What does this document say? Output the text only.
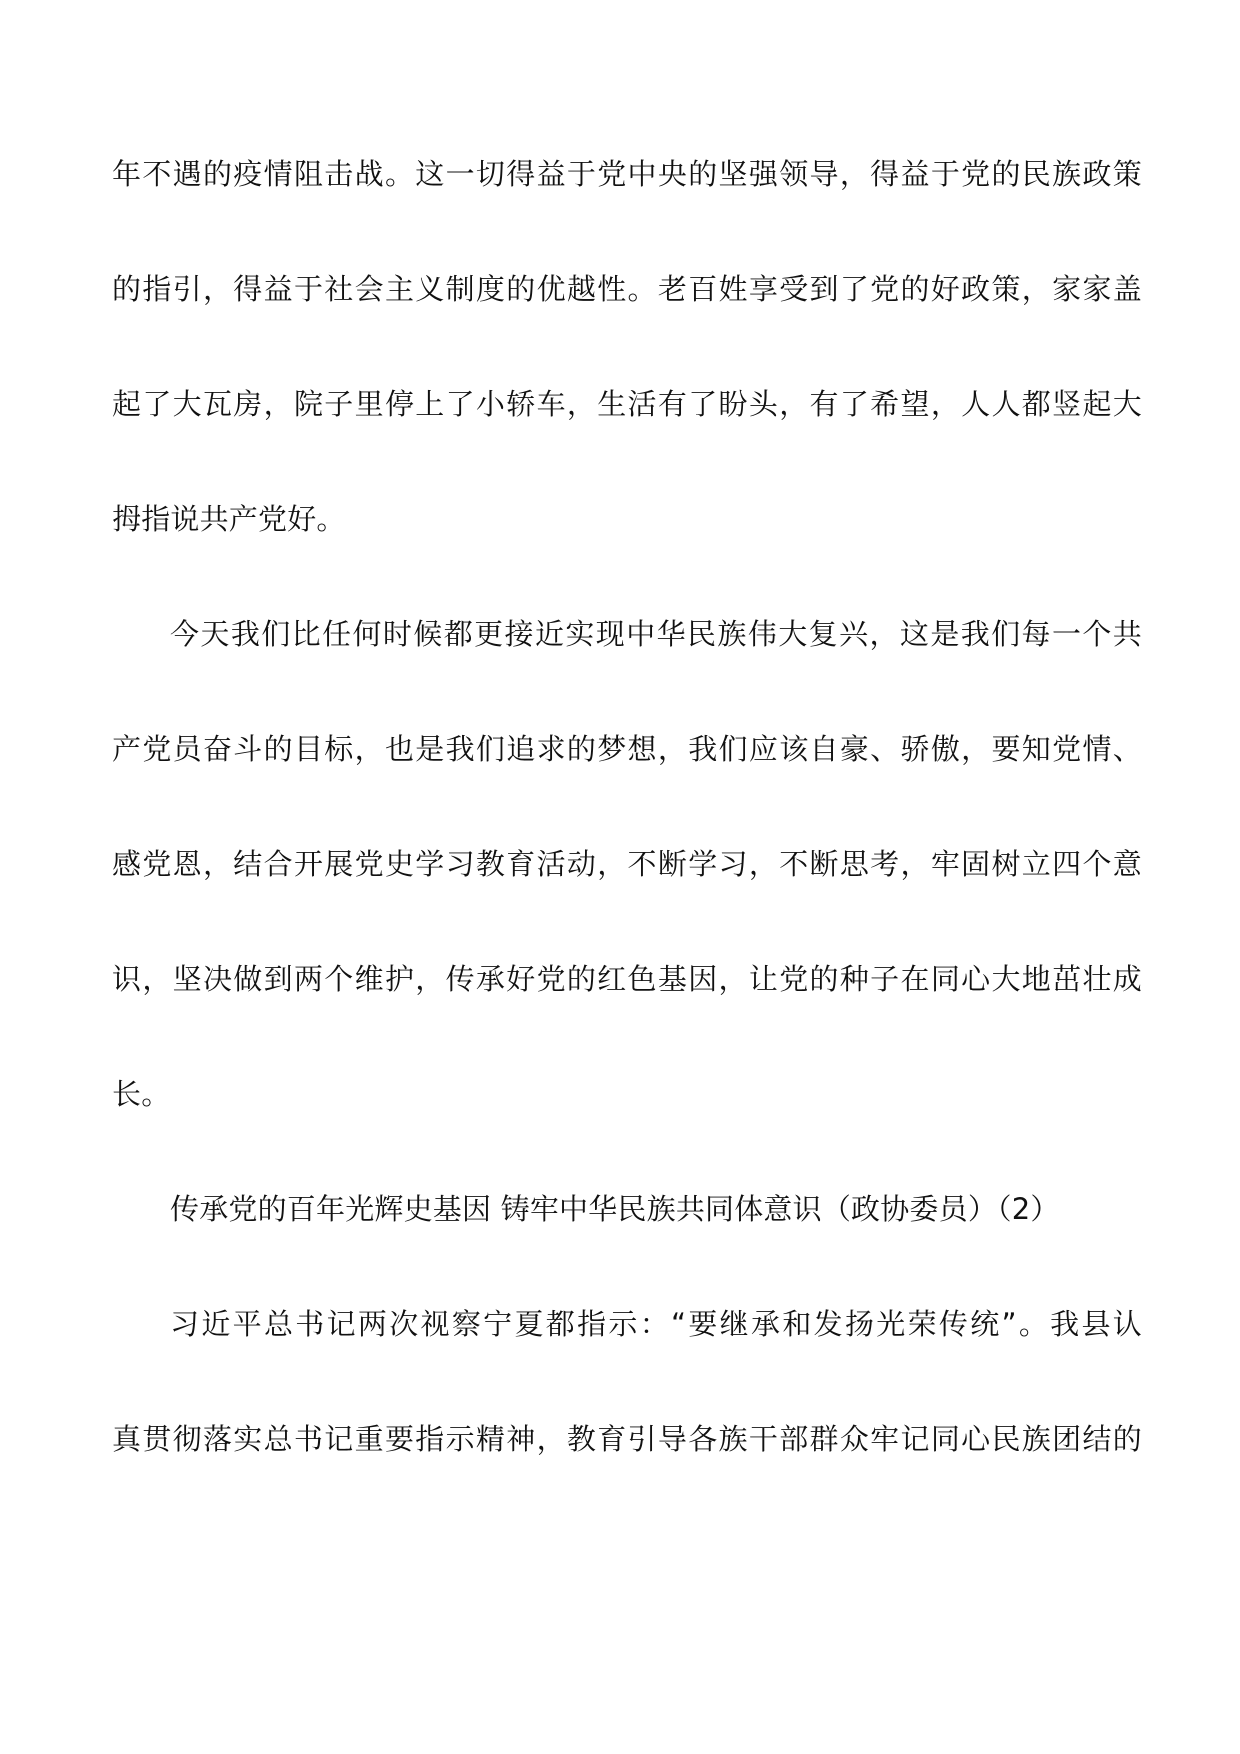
年不遇的疫情阻击战。这一切得益于党中央的坚强领导，得益于党的民族政策
的指引，得益于社会主义制度的优越性。老百姓享受到了党的好政策，家家盖
起了大瓦房，院子里停上了小轿车，生活有了盼头，有了希望，人人都竖起大
拇指说共产党好。
今天我们比任何时候都更接近实现中华民族伟大复兴，这是我们每一个共
产党员奋斗的目标，也是我们追求的梦想，我们应该自豪、骄傲，要知党情、
感党恩，结合开展党史学习教育活动，不断学习，不断思考，牢固树立四个意
识，坚决做到两个维护，传承好党的红色基因，让党的种子在同心大地茁壮成
长。
传承党的百年光辉史基因 铸牢中华民族共同体意识（政协委员）（2）
习近平总书记两次视察宁夏都指示：“要继承和发扬光荣传统”。我县认
真贯彻落实总书记重要指示精神，教育引导各族干部群众牢记同心民族团结的
